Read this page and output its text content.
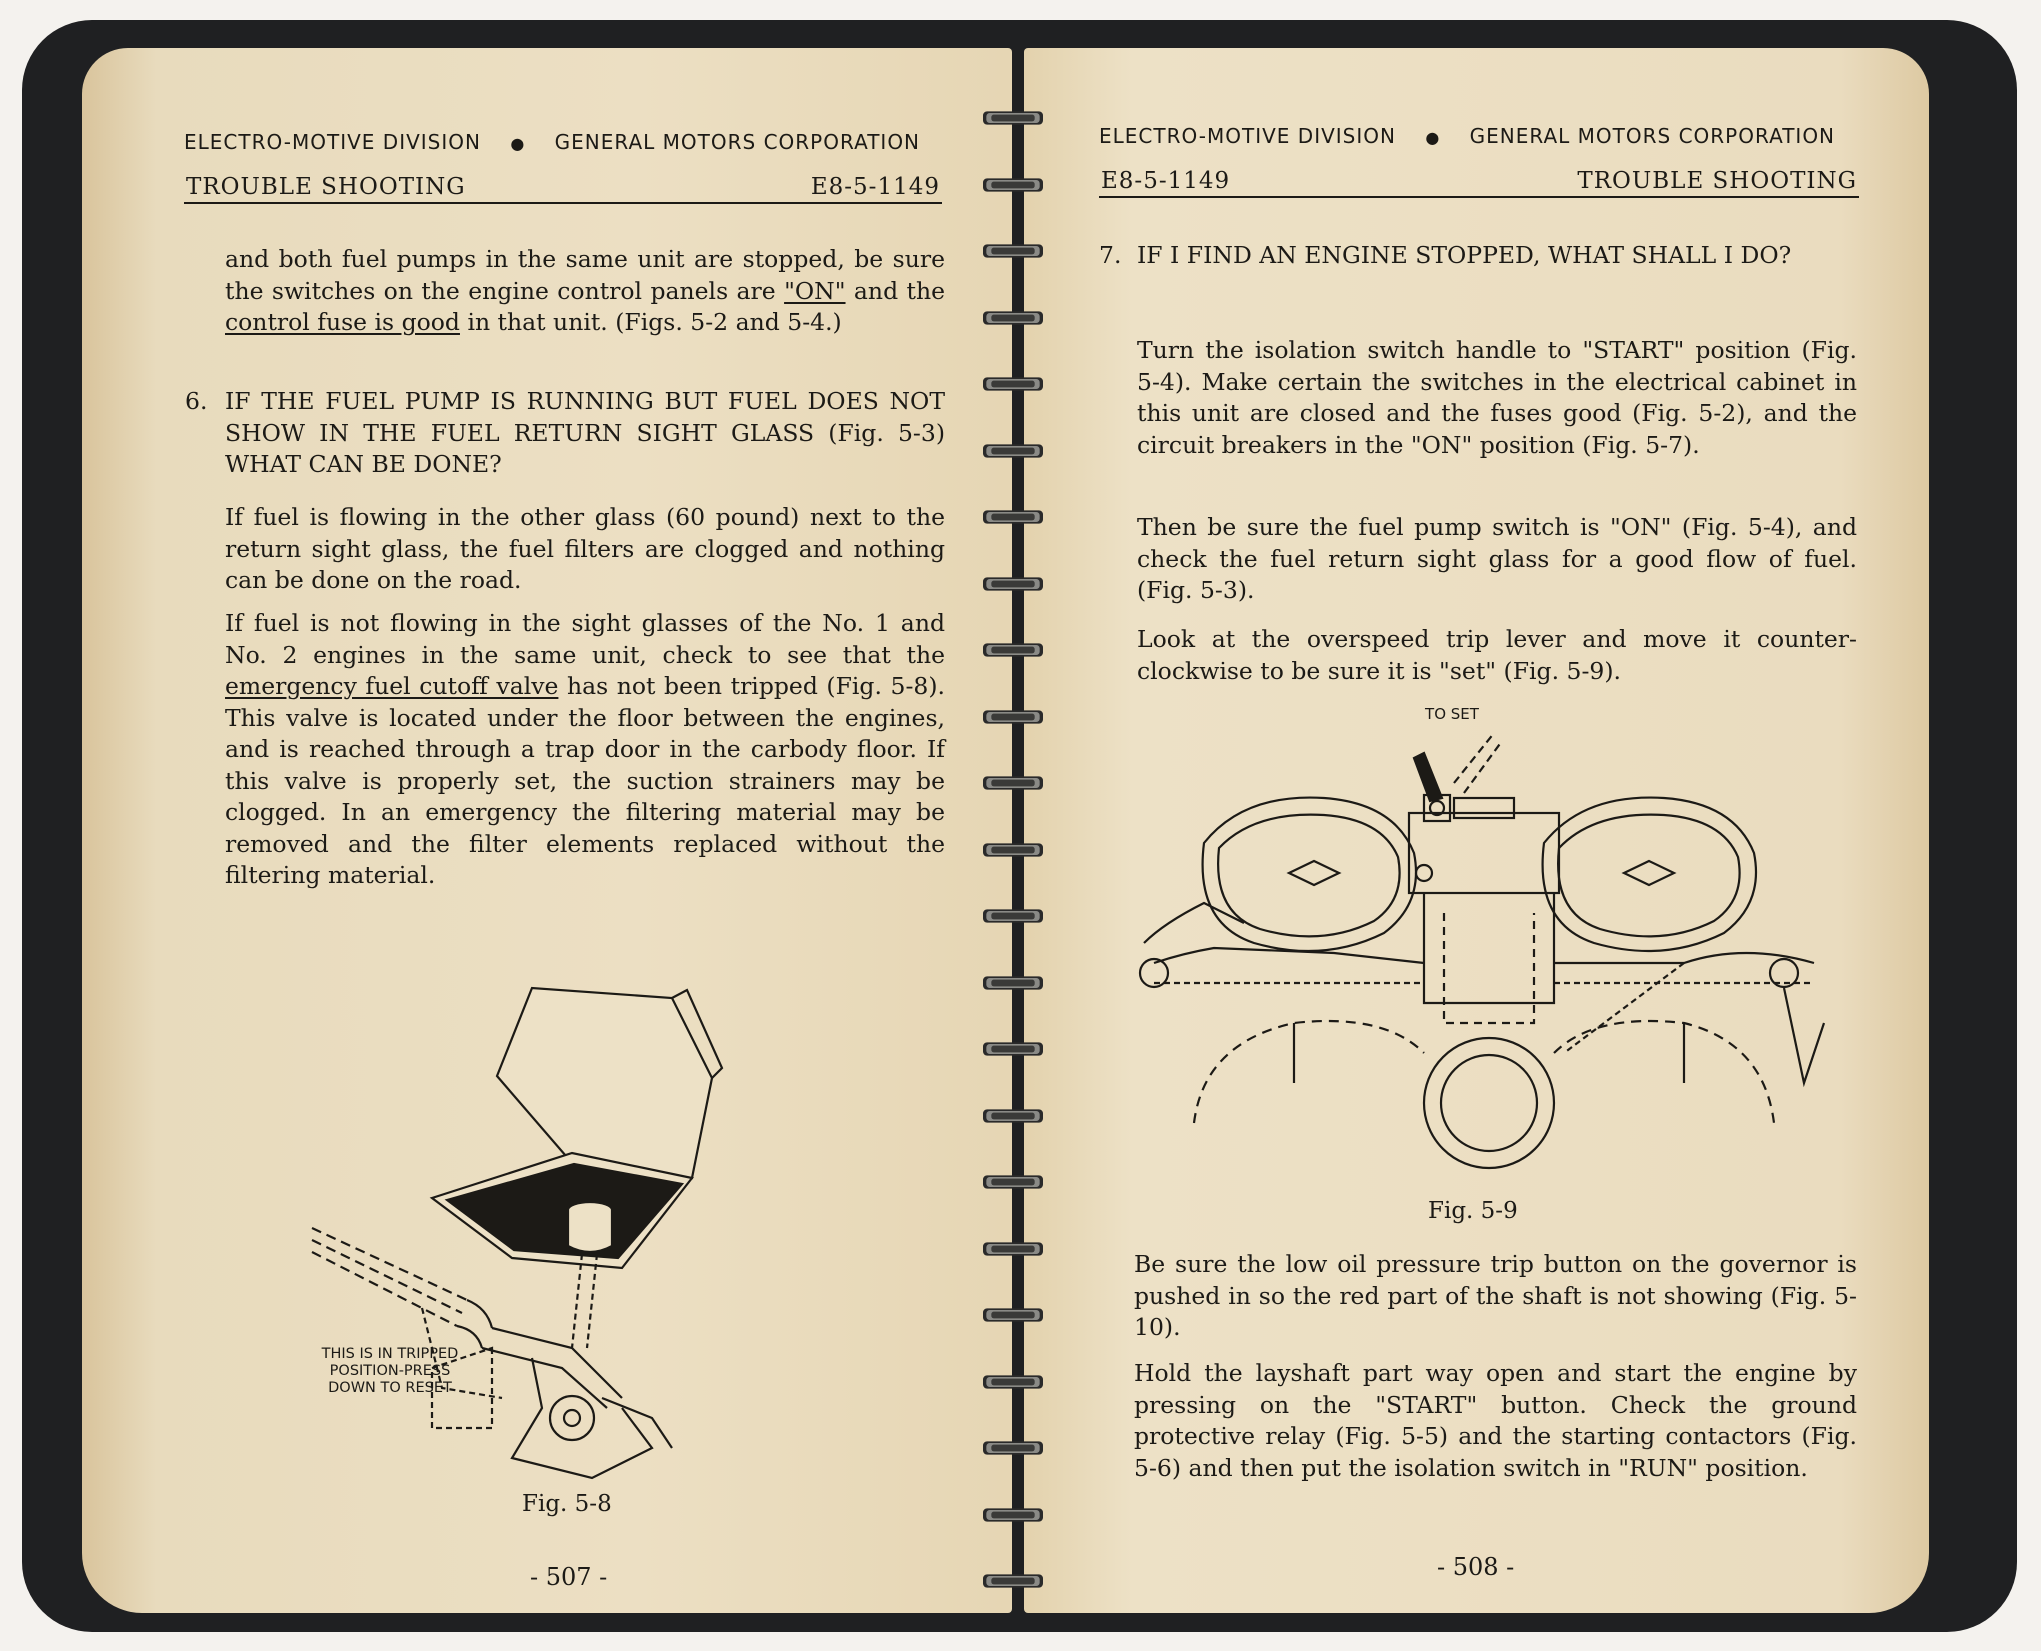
ELECTRO-MOTIVE DIVISION ● GENERAL MOTORS CORPORATION
TROUBLE SHOOTING	E8-5-1149
and both fuel pumps in the same unit are stopped, be sure the switches on the engine control panels are "ON" and the control fuse is good in that unit. (Figs. 5-2 and 5-4.)
6. IF THE FUEL PUMP IS RUNNING BUT FUEL DOES NOT SHOW IN THE FUEL RETURN SIGHT GLASS (Fig. 5-3) WHAT CAN BE DONE?
If fuel is flowing in the other glass (60 pound) next to the return sight glass, the fuel filters are clogged and nothing can be done on the road.
If fuel is not flowing in the sight glasses of the No. 1 and No. 2 engines in the same unit, check to see that the emergency fuel cutoff valve has not been tripped (Fig. 5-8). This valve is located under the floor between the engines, and is reached through a trap door in the carbody floor. If this valve is properly set, the suction strainers may be clogged. In an emergency the filtering material may be removed and the filter elements replaced without the filtering material.
THIS IS IN TRIPPED POSITION-PRESS DOWN TO RESET
Fig. 5-8
- 507 -
ELECTRO-MOTIVE DIVISION ● GENERAL MOTORS CORPORATION
E8-5-1149	TROUBLE SHOOTING
7. IF I FIND AN ENGINE STOPPED, WHAT SHALL I DO?
Turn the isolation switch handle to "START" position (Fig. 5-4). Make certain the switches in the electrical cabinet in this unit are closed and the fuses good (Fig. 5-2), and the circuit breakers in the "ON" position (Fig. 5-7).
Then be sure the fuel pump switch is "ON" (Fig. 5-4), and check the fuel return sight glass for a good flow of fuel. (Fig. 5-3).
Look at the overspeed trip lever and move it counter-clockwise to be sure it is "set" (Fig. 5-9).
TO SET
Fig. 5-9
Be sure the low oil pressure trip button on the governor is pushed in so the red part of the shaft is not showing (Fig. 5-10).
Hold the layshaft part way open and start the engine by pressing on the "START" button. Check the ground protective relay (Fig. 5-5) and the starting contactors (Fig. 5-6) and then put the isolation switch in "RUN" position.
- 508 -
